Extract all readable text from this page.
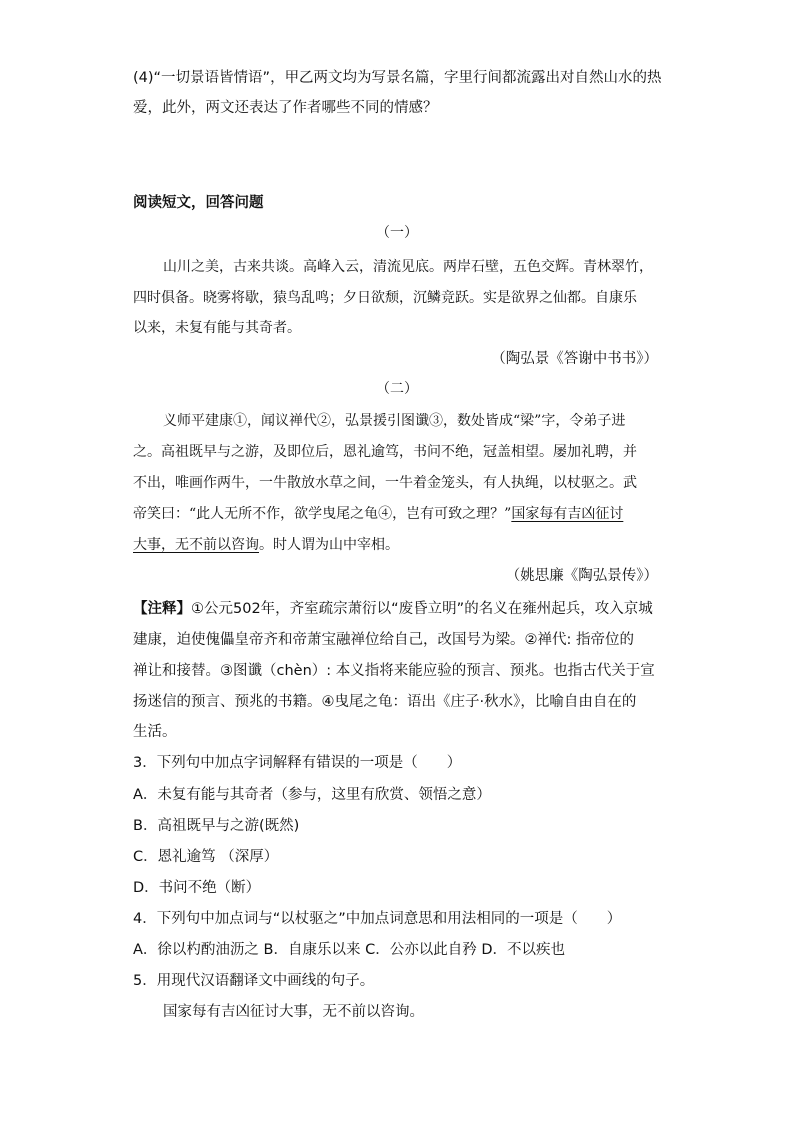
(4)“一切景语皆情语”，甲乙两文均为写景名篇，字里行间都流露出对自然山水的热
爱，此外，两文还表达了作者哪些不同的情感？
阅读短文，回答问题
（一）
山川之美，古来共谈。高峰入云，清流见底。两岸石壁，五色交辉。青林翠竹，
四时俱备。晓雾将歇，猿鸟乱鸣；夕日欲颓，沉鳞竞跃。实是欲界之仙都。自康乐
以来，未复有能与其奇者。
（陶弘景《答谢中书书》）
（二）
义师平建康①，闻议禅代②，弘景援引图谶③，数处皆成“梁”字，令弟子进
之。高祖既早与之游，及即位后，恩礼逾笃，书问不绝，冠盖相望。屡加礼聘，并
不出，唯画作两牛，一牛散放水草之间，一牛着金笼头，有人执绳，以杖驱之。武
帝笑曰：“此人无所不作，欲学曳尾之龟④，岂有可致之理？”国家每有吉凶征讨
大事，无不前以咨询。时人谓为山中宰相。
（姚思廉《陶弘景传》）
【注释】①公元502年，齐室疏宗萧衍以“废昏立明”的名义在雍州起兵，攻入京城
建康，迫使傀儡皇帝齐和帝萧宝融禅位给自己，改国号为梁。②禅代: 指帝位的
禅让和接替。③图谶（chèn）: 本义指将来能应验的预言、预兆。也指古代关于宣
扬迷信的预言、预兆的书籍。④曳尾之龟：语出《庄子·秋水》，比喻自由自在的
生活。
3．下列句中加点字词解释有错误的一项是（　　）
A．未复有能与其奇者（参与，这里有欣赏、领悟之意）
B．高祖既早与之游(既然)
C．恩礼逾笃 （深厚）
D．书问不绝（断）
4．下列句中加点词与“以杖驱之”中加点词意思和用法相同的一项是（　　）
A．徐以杓酌油沥之 B．自康乐以来 C．公亦以此自矜 D．不以疾也
5．用现代汉语翻译文中画线的句子。
国家每有吉凶征讨大事，无不前以咨询。
